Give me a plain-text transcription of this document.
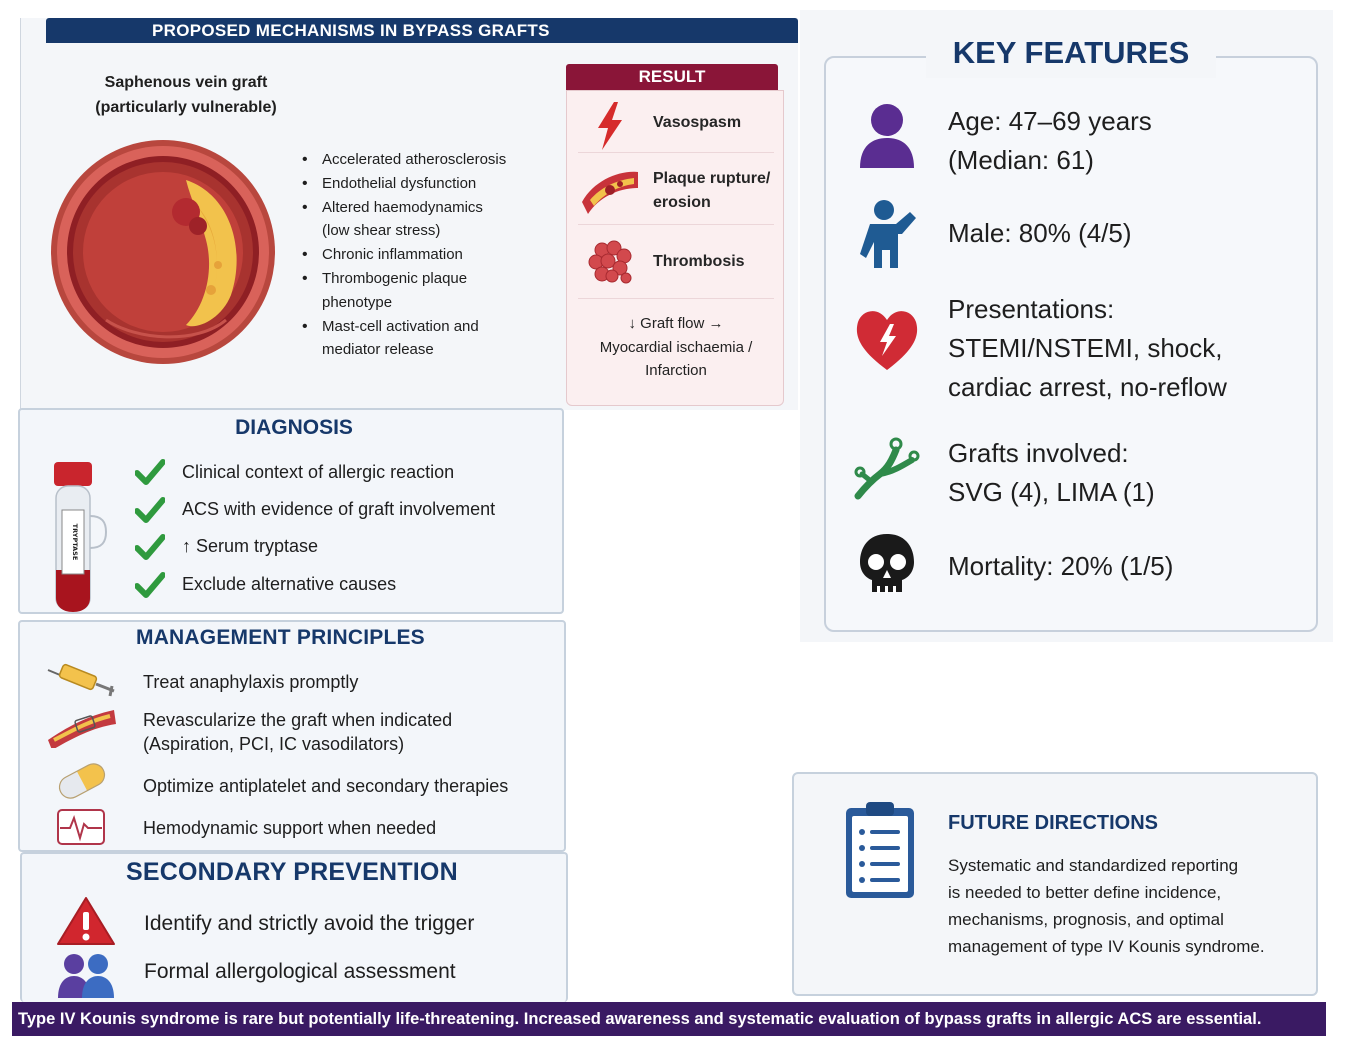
PROPOSED MECHANISMS IN BYPASS GRAFTS
Saphenous vein graft
(particularly vulnerable)
• Accelerated atherosclerosis
• Endothelial dysfunction
• Altered haemodynamics
(low shear stress)
• Chronic inflammation
• Thrombogenic plaque
phenotype
• Mast-cell activation and
mediator release
RESULT
Vasospasm
Plaque rupture/
erosion
Thrombosis
↓ Graft flow →
Myocardial ischaemia /
Infarction
KEY FEATURES
Age: 47–69 years
(Median: 61)
Male: 80% (4/5)
Presentations:
STEMI/NSTEMI, shock,
cardiac arrest, no-reflow
Grafts involved:
SVG (4), LIMA (1)
Mortality: 20% (1/5)
DIAGNOSIS
TRYPTASE
Clinical context of allergic reaction
ACS with evidence of graft involvement
↑ Serum tryptase
Exclude alternative causes
MANAGEMENT PRINCIPLES
Treat anaphylaxis promptly
Revascularize the graft when indicated
(Aspiration, PCI, IC vasodilators)
Optimize antiplatelet and secondary therapies
Hemodynamic support when needed
SECONDARY PREVENTION
Identify and strictly avoid the trigger
Formal allergological assessment
FUTURE DIRECTIONS
Systematic and standardized reporting
is needed to better define incidence,
mechanisms, prognosis, and optimal
management of type IV Kounis syndrome.
Type IV Kounis syndrome is rare but potentially life-threatening. Increased awareness and systematic evaluation of bypass grafts in allergic ACS are essential.
